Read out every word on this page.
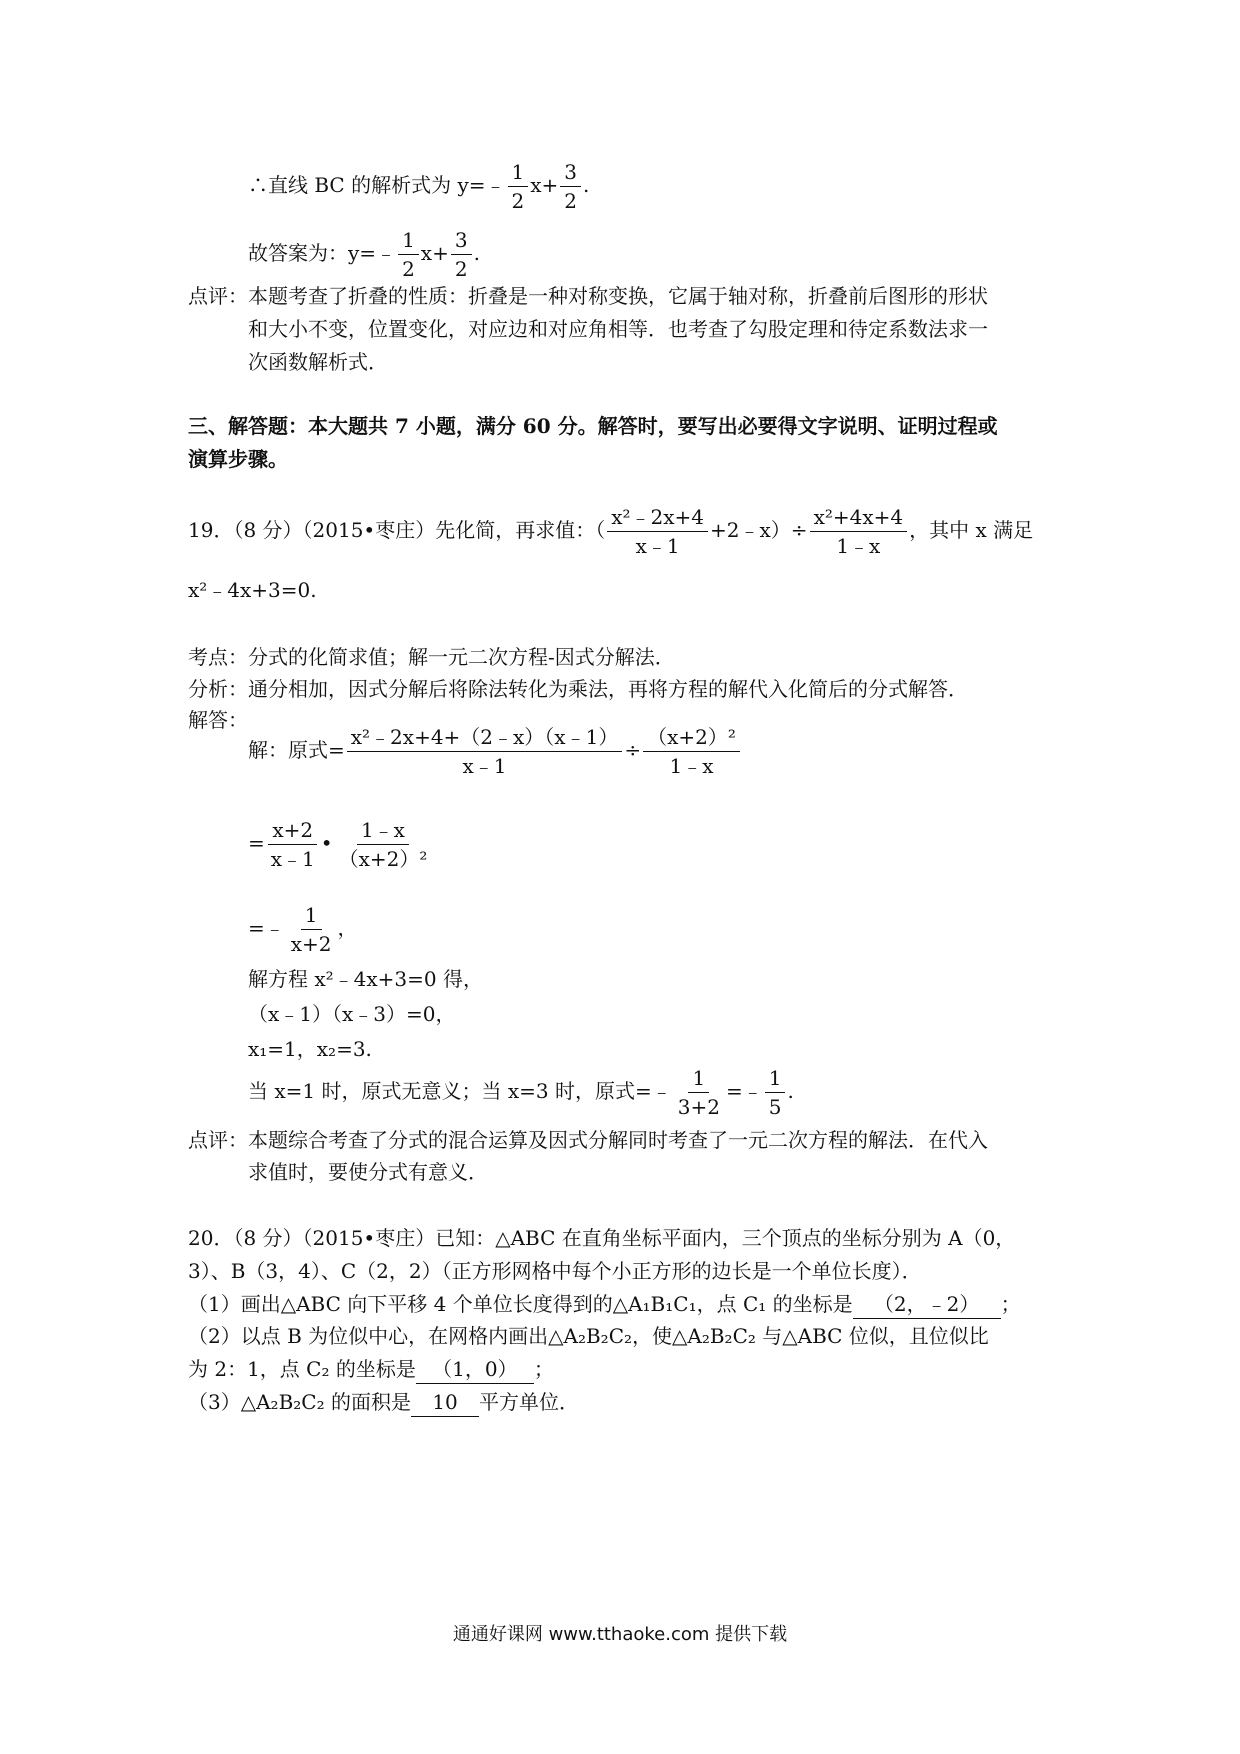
∴直线 BC 的解析式为 y=﹣ $\frac{1}{2} x+ \frac{3}{2}$ .
故答案为：y=﹣ $\frac{1}{2} x+ \frac{3}{2}$ .
点评： 本题考查了折叠的性质：折叠是一种对称变换，它属于轴对称，折叠前后图形的形状
和大小不变，位置变化，对应边和对应角相等．也考查了勾股定理和待定系数法求一
次函数解析式．
三、解答题：本大题共 7 小题，满分 60 分。解答时，要写出必要得文字说明、证明过程或
演算步骤。
19．（8 分）（2015•枣庄）先化简，再求值：（ $\frac{\text{x²﹣2x+4}}{x﹣1}$ +2﹣x）÷ $\frac{\text{x²+4x+4}}{1﹣x}$ ，其中 x 满足
x²﹣4x+3=0.
考点：分式的化简求值；解一元二次方程-因式分解法．
分析：通分相加，因式分解后将除法转化为乘法，再将方程的解代入化简后的分式解答．
解答：
解：原式= $\frac{\text{x²﹣2x+4+（2﹣x）（x﹣1）}}{x﹣1} \div \frac{\text{（x+2）²}}{1﹣x}$
= $\frac{x+2}{x﹣1}$ • $\frac{1﹣x}{\text{（x+2）²}}$
=﹣ $\frac{1}{x+2}$ ，
解方程 x²﹣4x+3=0 得，
（x﹣1）（x﹣3）=0，
x₁=1，x₂=3.
当 x=1 时，原式无意义；当 x=3 时，原式=﹣ $\frac{1}{3+2}$ =﹣ $\frac{1}{5}$ .
点评： 本题综合考查了分式的混合运算及因式分解同时考查了一元二次方程的解法．在代入
求值时，要使分式有意义．
20．（8 分）（2015•枣庄）已知：△ABC 在直角坐标平面内，三个顶点的坐标分别为 A（0，
3）、B（3，4）、C（2，2）（正方形网格中每个小正方形的边长是一个单位长度）．
（1）画出△ABC 向下平移 4 个单位长度得到的△A₁B₁C₁，点 C₁ 的坐标是 （2，﹣2） ；
（2）以点 B 为位似中心，在网格内画出△A₂B₂C₂，使△A₂B₂C₂ 与△ABC 位似，且位似比
为 2：1，点 C₂ 的坐标是 （1，0） ；
（3）△A₂B₂C₂ 的面积是 10 平方单位．
通通好课网 www.tthaoke.com 提供下载
